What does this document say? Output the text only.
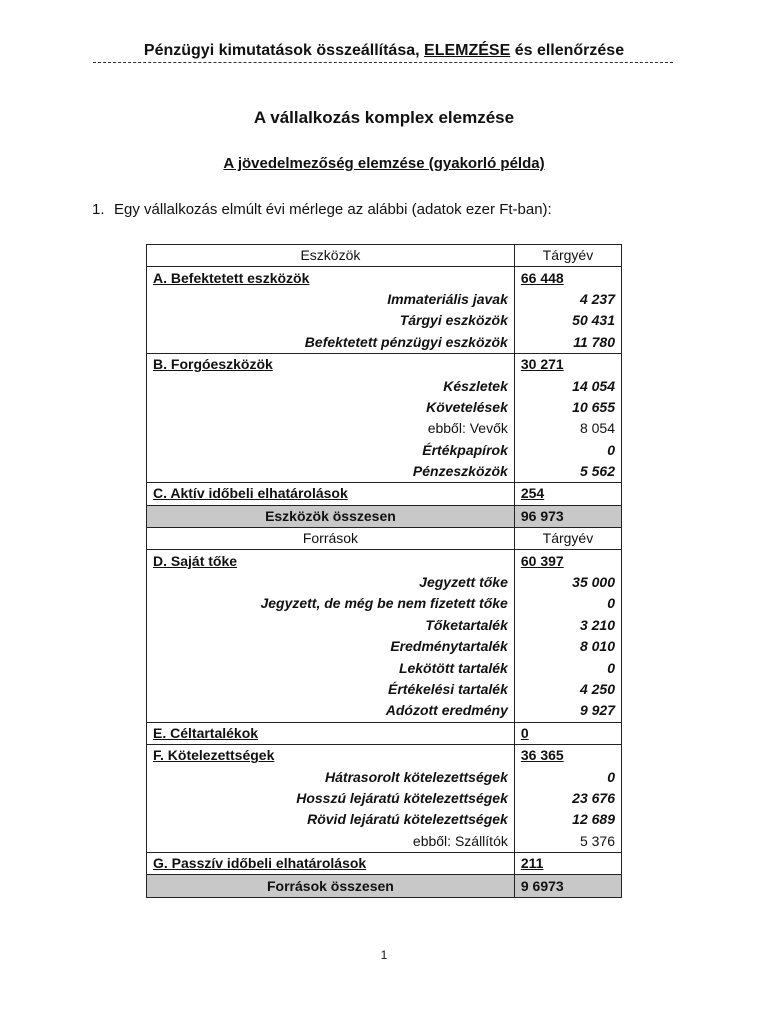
Pénzügyi kimutatások összeállítása, ELEMZÉSE és ellenőrzése
A vállalkozás komplex elemzése
A jövedelmezőség elemzése (gyakorló példa)
1. Egy vállalkozás elmúlt évi mérlege az alábbi (adatok ezer Ft-ban):
Eszközök	Tárgyév
A. Befektetett eszközök	66 448
Immateriális javak	4 237
Tárgyi eszközök	50 431
Befektetett pénzügyi eszközök	11 780
B. Forgóeszközök	30 271
Készletek	14 054
Követelések	10 655
ebből: Vevők	8 054
Értékpapírok	0
Pénzeszközök	5 562
C. Aktív időbeli elhatárolások	254
Eszközök összesen	96 973
Források	Tárgyév
D. Saját tőke	60 397
Jegyzett tőke	35 000
Jegyzett, de még be nem fizetett tőke	0
Tőketartalék	3 210
Eredménytartalék	8 010
Lekötött tartalék	0
Értékelési tartalék	4 250
Adózott eredmény	9 927
E. Céltartalékok	0
F. Kötelezettségek	36 365
Hátrasorolt kötelezettségek	0
Hosszú lejáratú kötelezettségek	23 676
Rövid lejáratú kötelezettségek	12 689
ebből: Szállítók	5 376
G. Passzív időbeli elhatárolások	211
Források összesen	9 6973
1
